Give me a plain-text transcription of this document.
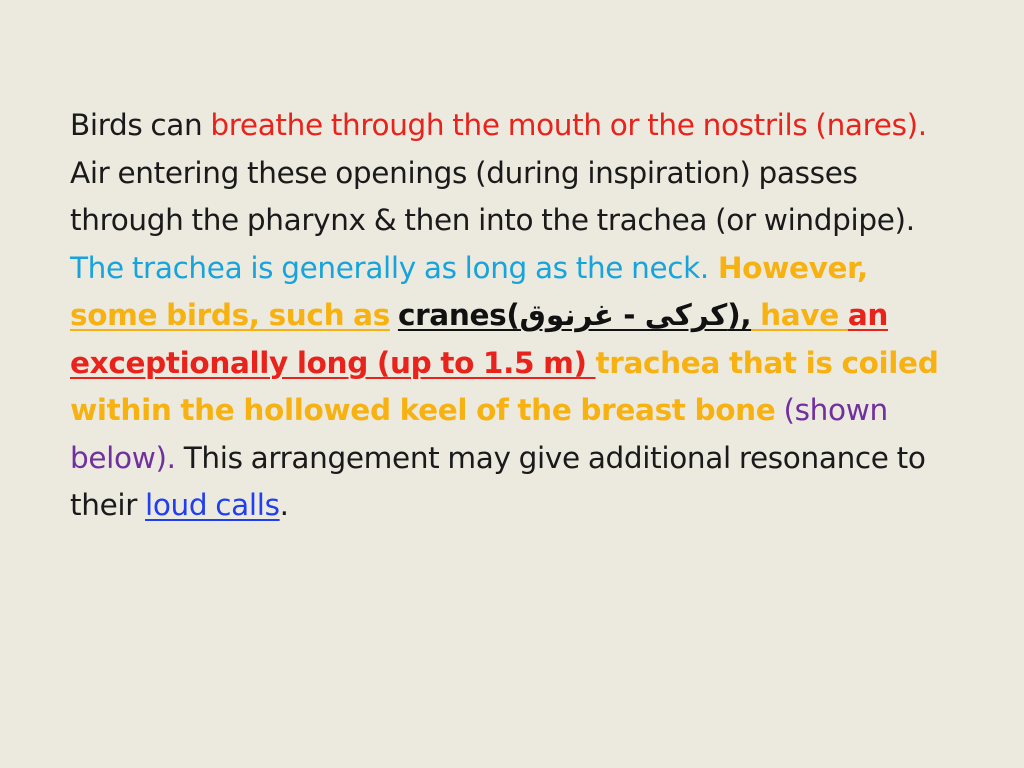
Birds can breathe through the mouth or the nostrils (nares). Air entering these openings (during inspiration) passes through the pharynx & then into the trachea (or windpipe). The trachea is generally as long as the neck. However, some birds, such as cranes(کرکی - غرنوق), have an exceptionally long (up to 1.5 m) trachea that is coiled within the hollowed keel of the breast bone (shown below). This arrangement may give additional resonance to their loud calls.
